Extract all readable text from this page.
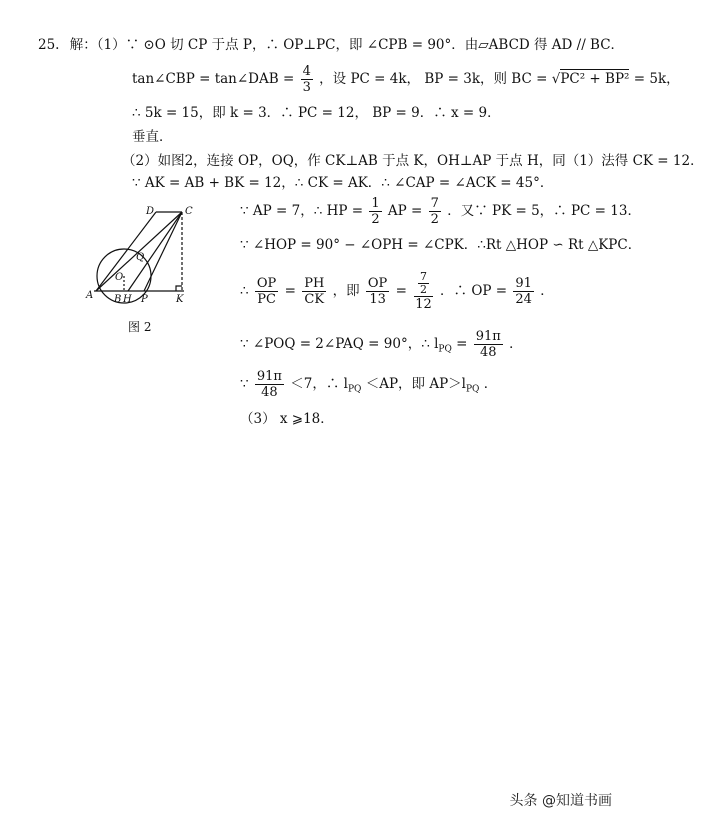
25. 解：（1）∵ ⊙O 切 CP 于点 P，∴ OP⊥PC，即 ∠CPB = 90°．由▱ABCD 得 AD // BC．
tan∠CBP = tan∠DAB = $\frac{4}{3}$ ，设 PC = 4k， BP = 3k，则 BC = √PC² + BP² = 5k，
∴ 5k = 15，即 k = 3．∴ PC = 12， BP = 9．∴ x = 9．
垂直．
（2）如图2，连接 OP，OQ，作 CK⊥AB 于点 K，OH⊥AP 于点 H，同（1）法得 CK = 12．
∵ AK = AB + BK = 12，∴ CK = AK．∴ ∠CAP = ∠ACK = 45°．
∵ AP = 7，∴ HP = $\frac{1}{2}$ AP = $\frac{7}{2}$ ．又∵ PK = 5，∴ PC = 13．
∵ ∠HOP = 90° − ∠OPH = ∠CPK．∴Rt △HOP ∽ Rt △KPC．
∴ $\frac{OP}{PC} = \frac{PH}{CK}$ ，即 $\frac{OP}{13} = \frac{\frac{7}{2}}{12}$ ．∴ OP = $\frac{91}{24}$ ．
∵ ∠POQ = 2∠PAQ = 90°，∴ $l_{PQ} = \frac{91\pi}{48}$ ．
∵ $\frac{91\pi}{48} <7$，∴ $l_{PQ} <AP$，即 $AP>l_{PQ}$ ．
（3） x ⩾18．
D	C
Q
O
A B H P	K
图 2
头条 @知道书画
